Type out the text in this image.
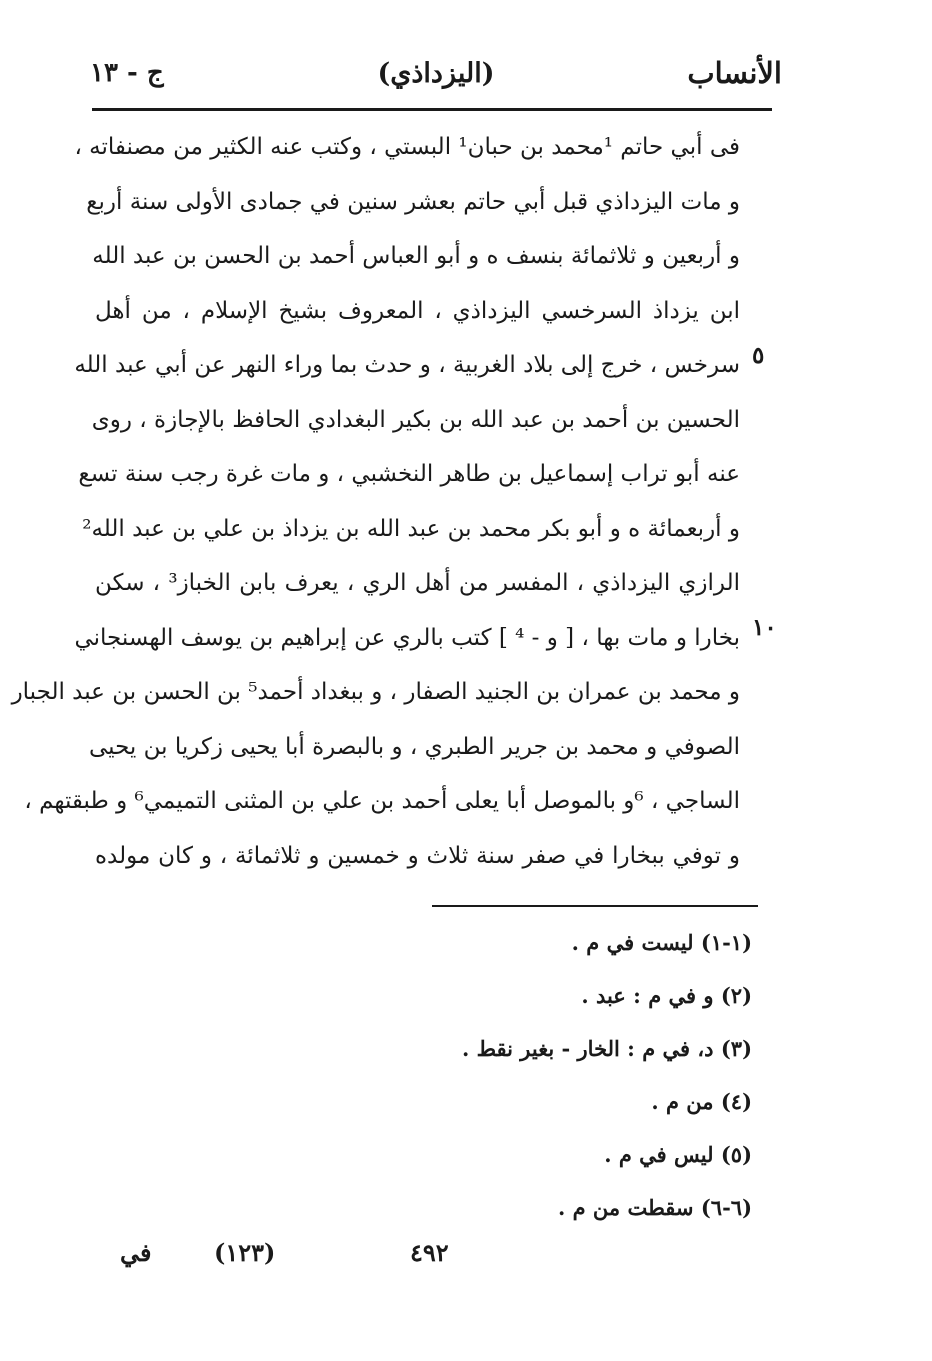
الأنساب
(اليزداذي)
ج - ١٣
فى أبي حاتم ¹محمد بن حبان¹ البستي ، وكتب عنه الكثير من مصنفاته ،
و مات اليزداذي قبل أبي حاتم بعشر سنين في جمادى الأولى سنة أربع
و أربعين و ثلاثمائة بنسف ه و أبو العباس أحمد بن الحسن بن عبد الله
ابن يزداذ السرخسي اليزداذي ، المعروف بشيخ الإسلام ، من أهل
سرخس ، خرج إلى بلاد الغربية ، و حدث بما وراء النهر عن أبي عبد الله
الحسين بن أحمد بن عبد الله بن بكير البغدادي الحافظ بالإجازة ، روى
عنه أبو تراب إسماعيل بن طاهر النخشبي ، و مات غرة رجب سنة تسع
و أربعمائة ه و أبو بكر محمد بن عبد الله بن يزداذ بن علي بن عبد الله²
الرازي اليزداذي ، المفسر من أهل الري ، يعرف بابن الخباز³ ، سكن
بخارا و مات بها ، [ و - ⁴ ] كتب بالري عن إبراهيم بن يوسف الهسنجاني
و محمد بن عمران بن الجنيد الصفار ، و ببغداد أحمد⁵ بن الحسن بن عبد الجبار
الصوفي و محمد بن جرير الطبري ، و بالبصرة أبا يحيى زكريا بن يحيى
الساجي ، ⁶و بالموصل أبا يعلى أحمد بن علي بن المثنى التميمي⁶ و طبقتهم ،
و توفي ببخارا في صفر سنة ثلاث و خمسين و ثلاثمائة ، و كان مولده
٥
١٠
(١-١) ليست في م .
(٢) و في م : عبد .
(٣) د، في م : الخار - بغير نقط .
(٤) من م .
(٥) ليس في م .
(٦-٦) سقطت من م .
٤٩٢
(١٢٣)
في
